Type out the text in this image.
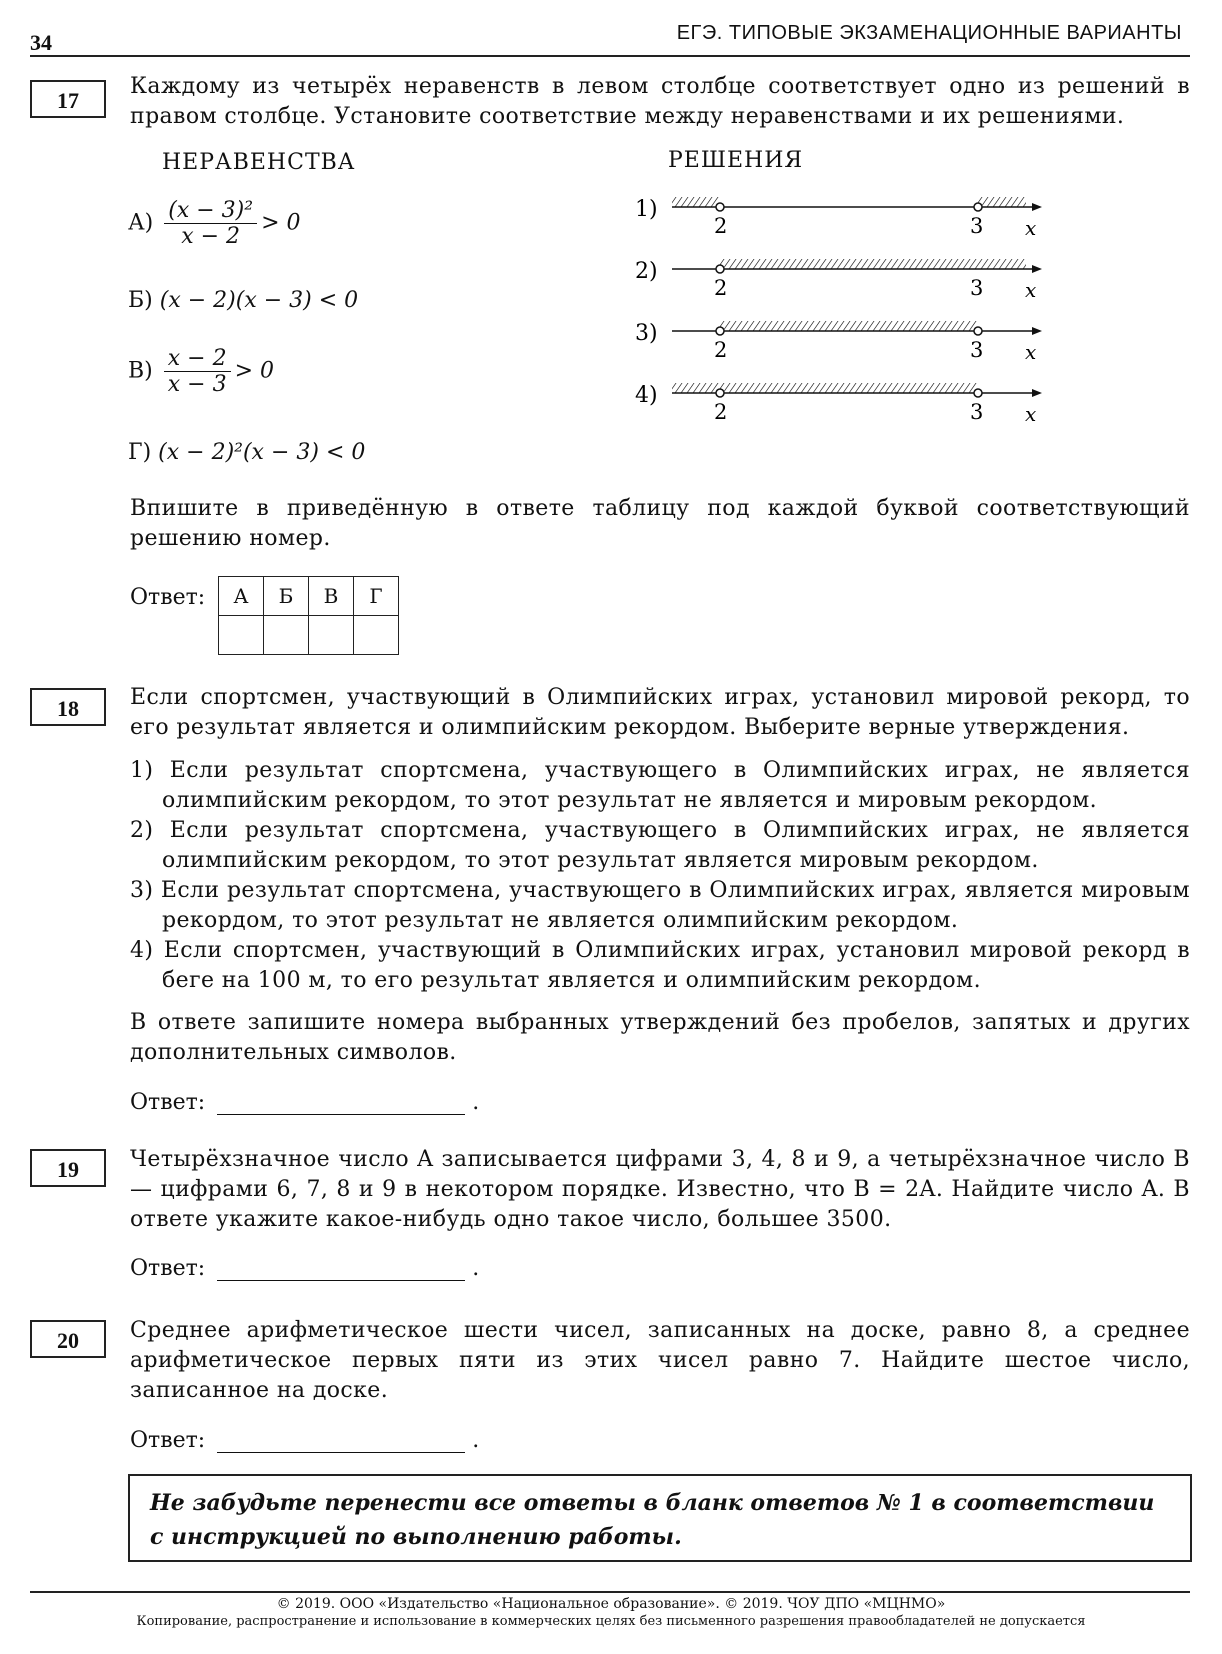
34	ЕГЭ. ТИПОВЫЕ ЭКЗАМЕНАЦИОННЫЕ ВАРИАНТЫ
17
Каждому из четырёх неравенств в левом столбце соответствует одно из решений в правом столбце. Установите соответствие между неравенствами и их решениями.
НЕРАВЕНСТВА	РЕШЕНИЯ
$А) \frac{\text{(x − 3)²}}{x - 2} > 0$
Б) (x − 2)(x − 3) < 0
$В) \frac{x - 2}{x - 3} > 0$
Г) (x − 2)²(x − 3) < 0
1)
2	3 x
2)
2	3 x
3)
2	3 x
4)
2	3 x
Впишите в приведённую в ответе таблицу под каждой буквой соответствующий решению номер.
Ответ: А	Б	В	Г

18	Если спортсмен, участвующий в Олимпийских играх, установил мировой рекорд, то его результат является и олимпийским рекордом. Выберите верные утверждения.
1) Если результат спортсмена, участвующего в Олимпийских играх, не является олимпийским рекордом, то этот результат не является и мировым рекордом.
2) Если результат спортсмена, участвующего в Олимпийских играх, не является олимпийским рекордом, то этот результат является мировым рекордом.
3) Если результат спортсмена, участвующего в Олимпийских играх, является мировым рекордом, то этот результат не является олимпийским рекордом.
4) Если спортсмен, участвующий в Олимпийских играх, установил мировой рекорд в беге на 100 м, то его результат является и олимпийским рекордом.
В ответе запишите номера выбранных утверждений без пробелов, запятых и других дополнительных символов.
Ответ:	.
19	Четырёхзначное число A записывается цифрами 3, 4, 8 и 9, а четырёхзначное число B — цифрами 6, 7, 8 и 9 в некотором порядке. Известно, что B = 2A. Найдите число A. В ответе укажите какое-нибудь одно такое число, большее 3500.
Ответ:	.
20	Среднее арифметическое шести чисел, записанных на доске, равно 8, а среднее арифметическое первых пяти из этих чисел равно 7. Найдите шестое число, записанное на доске.
Ответ:	.
Не забудьте перенести все ответы в бланк ответов № 1 в соответствии с инструкцией по выполнению работы.
© 2019. ООО «Издательство «Национальное образование». © 2019. ЧОУ ДПО «МЦНМО»
Копирование, распространение и использование в коммерческих целях без письменного разрешения правообладателей не допускается
